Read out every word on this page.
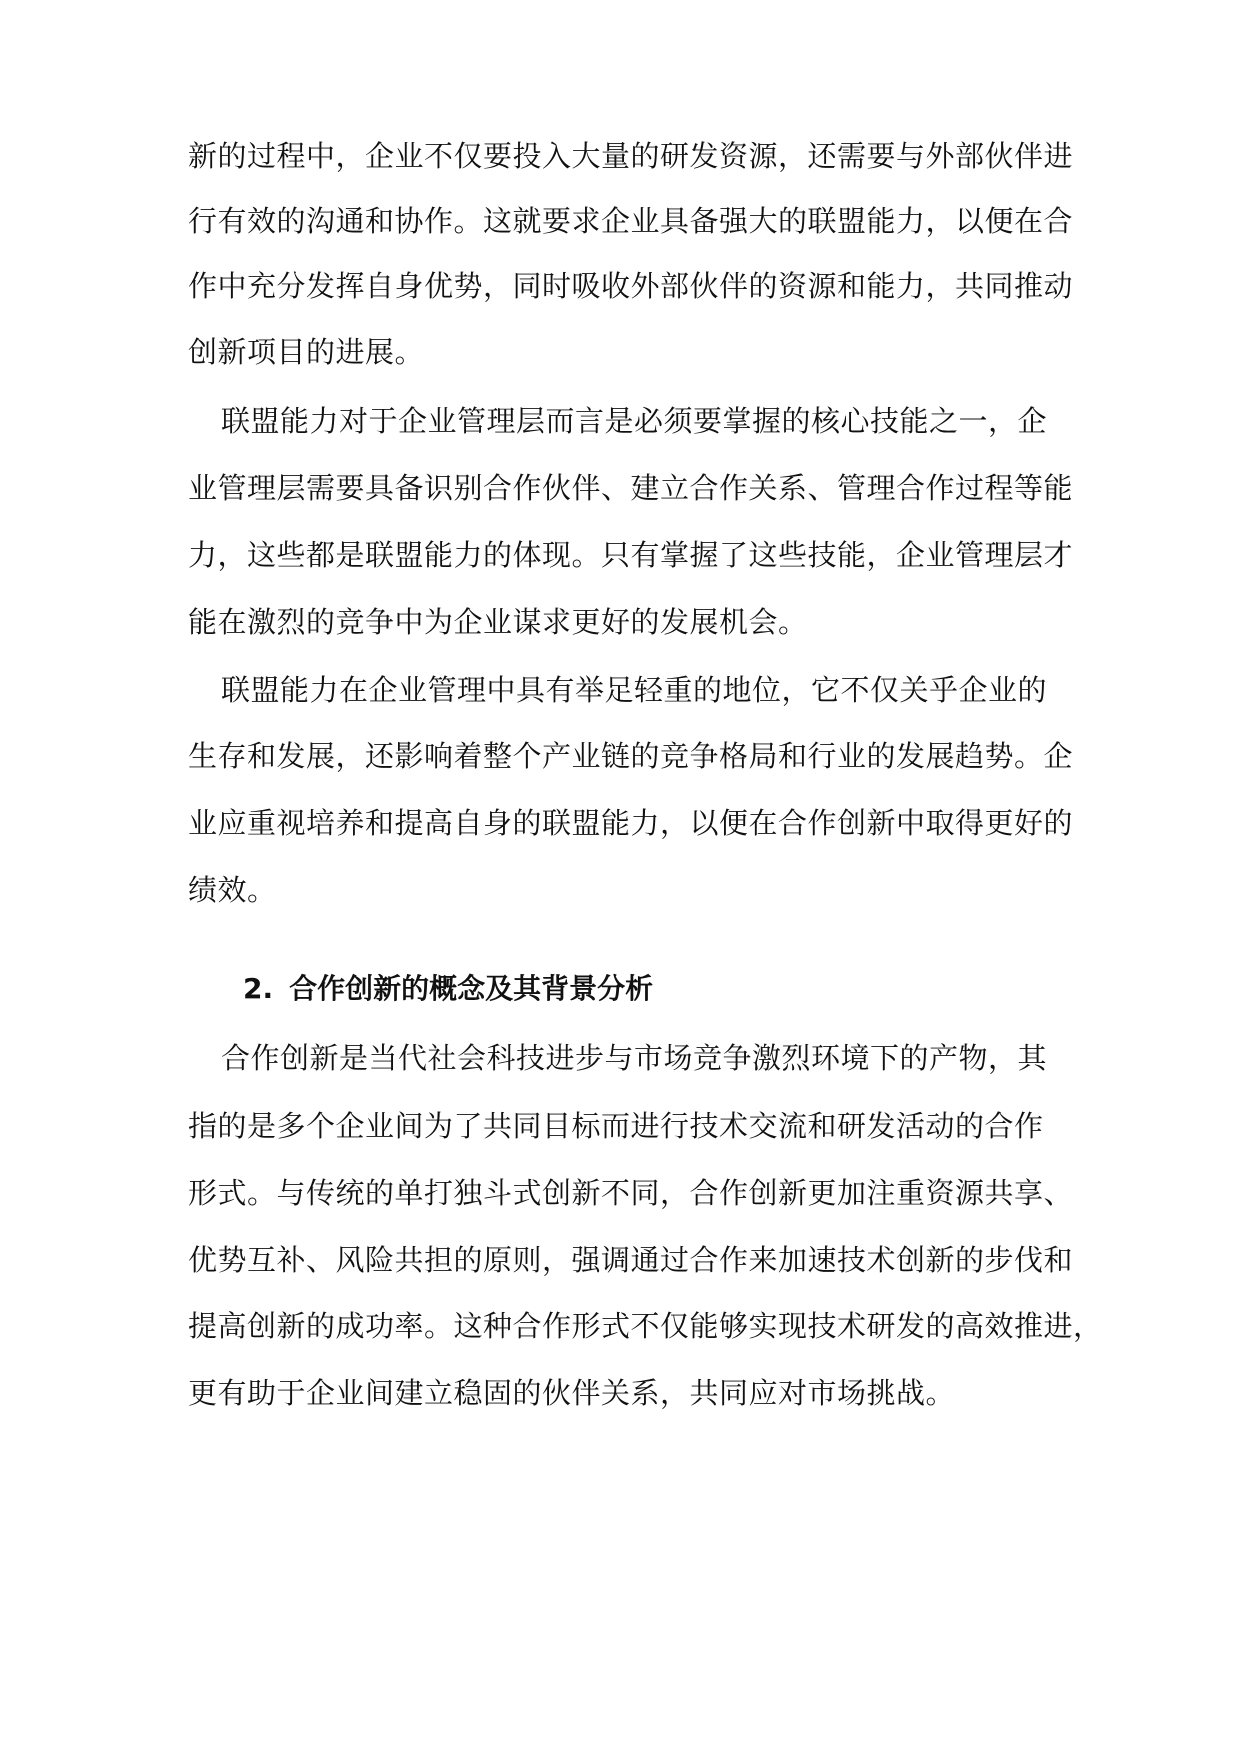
新的过程中，企业不仅要投入大量的研发资源，还需要与外部伙伴进
行有效的沟通和协作。这就要求企业具备强大的联盟能力，以便在合
作中充分发挥自身优势，同时吸收外部伙伴的资源和能力，共同推动
创新项目的进展。
联盟能力对于企业管理层而言是必须要掌握的核心技能之一，企
业管理层需要具备识别合作伙伴、建立合作关系、管理合作过程等能
力，这些都是联盟能力的体现。只有掌握了这些技能，企业管理层才
能在激烈的竞争中为企业谋求更好的发展机会。
联盟能力在企业管理中具有举足轻重的地位，它不仅关乎企业的
生存和发展，还影响着整个产业链的竞争格局和行业的发展趋势。企
业应重视培养和提高自身的联盟能力，以便在合作创新中取得更好的
绩效。
2. 合作创新的概念及其背景分析
合作创新是当代社会科技进步与市场竞争激烈环境下的产物，其
指的是多个企业间为了共同目标而进行技术交流和研发活动的合作
形式。与传统的单打独斗式创新不同，合作创新更加注重资源共享、
优势互补、风险共担的原则，强调通过合作来加速技术创新的步伐和
提高创新的成功率。这种合作形式不仅能够实现技术研发的高效推进，
更有助于企业间建立稳固的伙伴关系，共同应对市场挑战。
